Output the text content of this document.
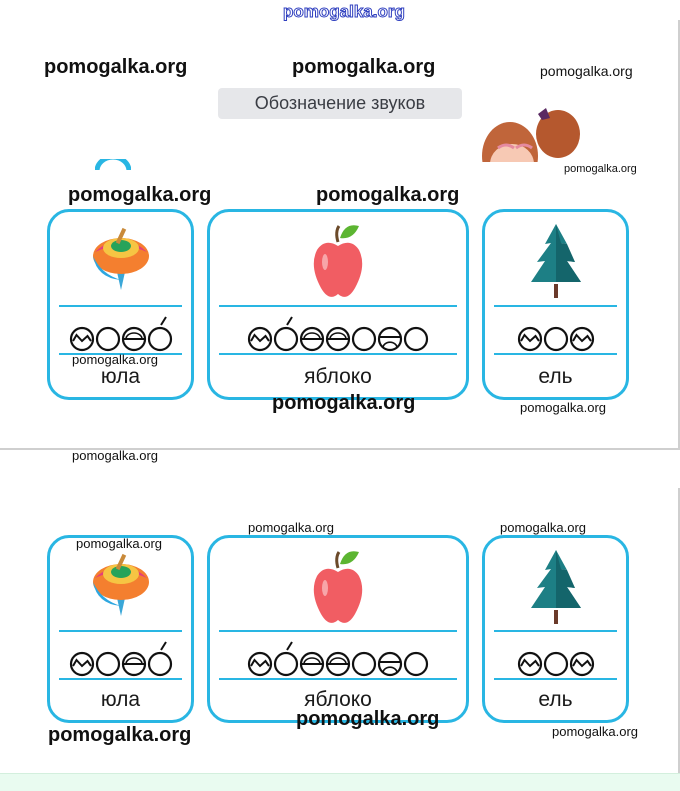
Обозначение звуков
юла	яблоко	ель
юла	яблоко	ель
pomogalka.org
pomogalka.org	pomogalka.org	pomogalka.org
pomogalka.org
pomogalka.org	pomogalka.org
pomogalka.org
pomogalka.org	pomogalka.org
pomogalka.org
pomogalka.org	pomogalka.org
pomogalka.org
pomogalka.org
pomogalka.org	pomogalka.org
